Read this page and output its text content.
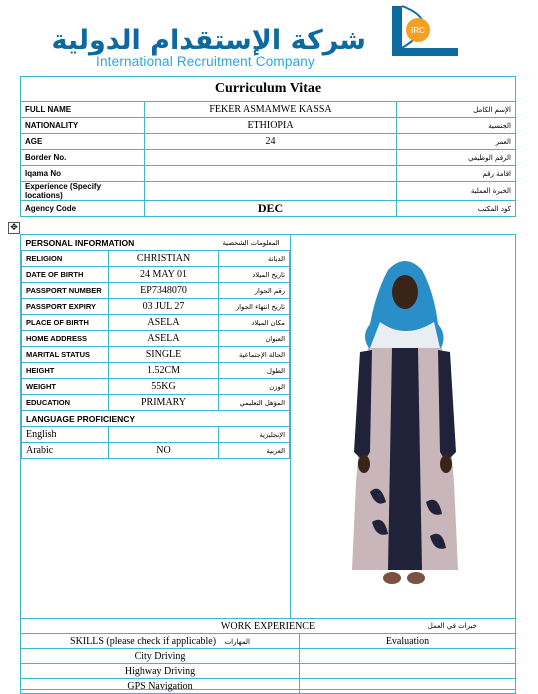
شركة الإستقدام الدولية
International Recruitment Company
IRC
Curriculum Vitae		
FULL NAME	FEKER ASMAMWE KASSA	الإسم الكامل
NATIONALITY	ETHIOPIA	الجنسية
AGE	24	العمر
Border No.		الرقم الوظيفي
Iqama No		اقامة رقم
Experience (Specify locations)		الخبرة العملية
Agency Code	DEC	كود المكتب
✥
PERSONAL INFORMATION		المعلومات الشخصية
RELIGION	CHRISTIAN	الديانة
DATE OF BIRTH	24 MAY 01	تاريخ الميلاد
PASSPORT NUMBER	EP7348070	رقم الجواز
PASSPORT EXPIRY	03 JUL 27	تاريخ انتهاء الجواز
PLACE OF BIRTH	ASELA	مكان الميلاد
HOME ADDRESS	ASELA	العنوان
MARITAL STATUS	SINGLE	الحالة الإجتماعية
HEIGHT	1.52CM	الطول
WEIGHT	55KG	الوزن
EDUCATION	PRIMARY	المؤهل التعليمي
LANGUAGE PROFICIENCY		
English		الإنجليزية
Arabic	NO	العربية
WORK EXPERIENCE خبرات في العمل	

SKILLS (please check if applicable) المهارات	Evaluation
City Driving	
Highway Driving	
GPS Navigation	
